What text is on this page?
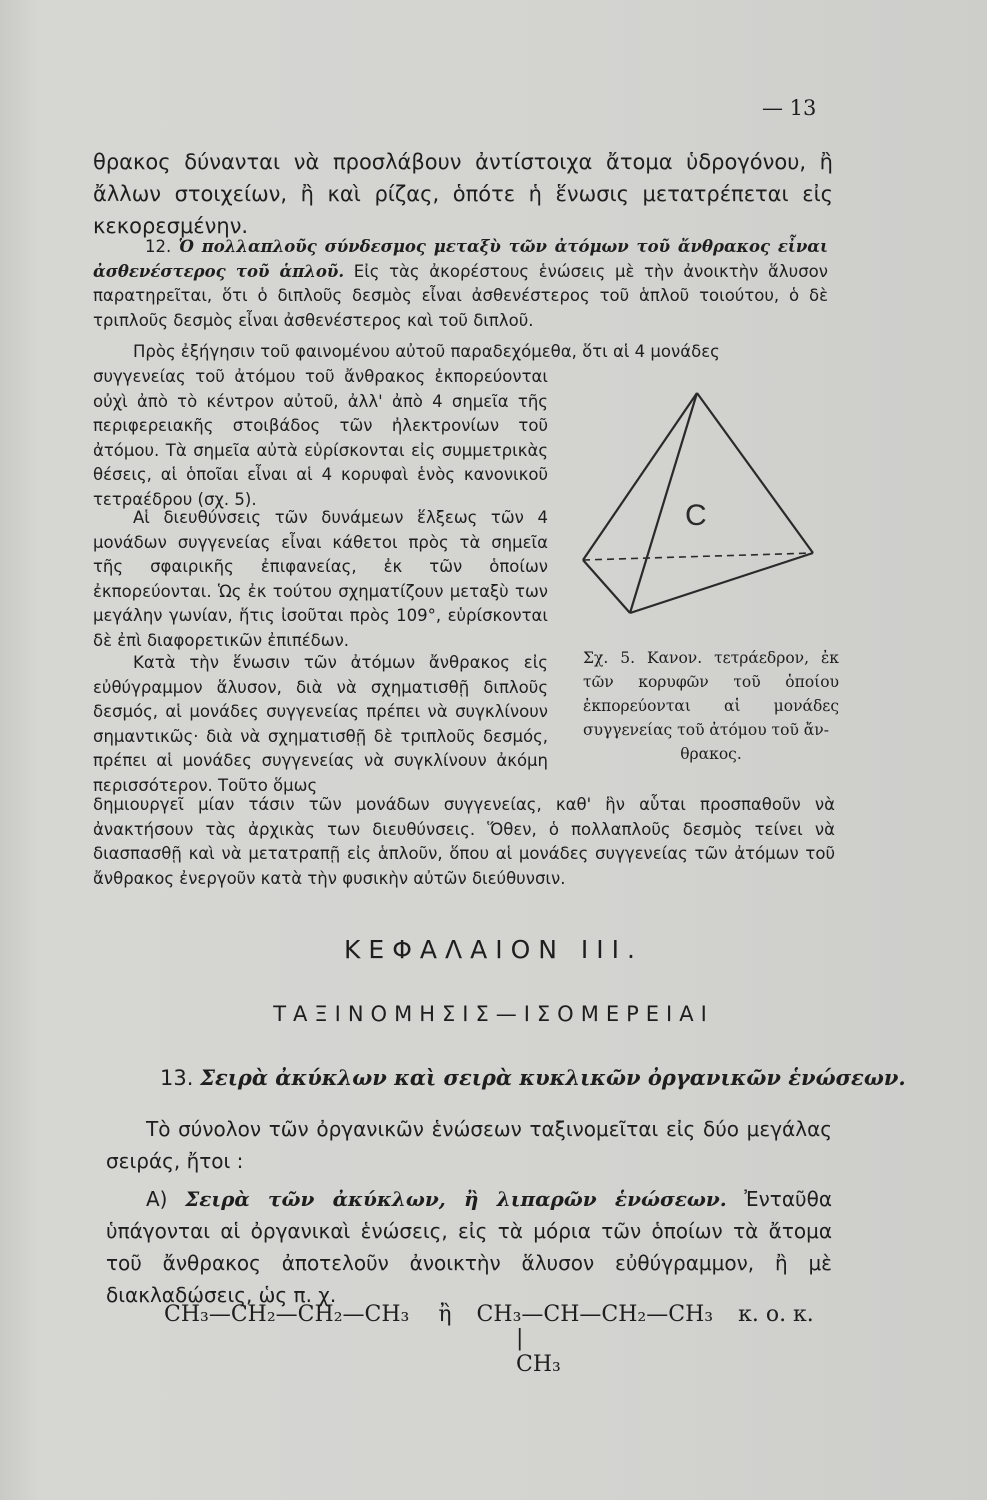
— 13
θρακος δύνανται νὰ προσλάβουν ἀντίστοιχα ἄτομα ὑδρογόνου, ἢ ἄλλων στοιχείων, ἢ καὶ ρίζας, ὁπότε ἡ ἕνωσις μετατρέπεται εἰς κεκορεσμένην.
12. Ὁ πολλαπλοῦς σύνδεσμος μεταξὺ τῶν ἀτόμων τοῦ ἄνθρακος εἶναι ἀσθενέστερος τοῦ ἁπλοῦ. Εἰς τὰς ἀκορέστους ἑνώσεις μὲ τὴν ἀνοικτὴν ἅλυσον παρατηρεῖται, ὅτι ὁ διπλοῦς δεσμὸς εἶναι ἀσθενέστερος τοῦ ἁπλοῦ τοιούτου, ὁ δὲ τριπλοῦς δεσμὸς εἶναι ἀσθενέστερος καὶ τοῦ διπλοῦ.
Πρὸς ἐξήγησιν τοῦ φαινομένου αὐτοῦ παραδεχόμεθα, ὅτι αἱ 4 μονάδες
συγγενείας τοῦ ἀτόμου τοῦ ἄνθρακος ἐκπορεύονται οὐχὶ ἀπὸ τὸ κέντρον αὐτοῦ, ἀλλ' ἀπὸ 4 σημεῖα τῆς περιφερειακῆς στοιβάδος τῶν ἠλεκτρονίων τοῦ ἀτόμου. Τὰ σημεῖα αὐτὰ εὑρίσκονται εἰς συμμετρικὰς θέσεις, αἱ ὁποῖαι εἶναι αἱ 4 κορυφαὶ ἑνὸς κανονικοῦ τετραέδρου (σχ. 5).
Αἱ διευθύνσεις τῶν δυνάμεων ἕλξεως τῶν 4 μονάδων συγγενείας εἶναι κάθετοι πρὸς τὰ σημεῖα τῆς σφαιρικῆς ἐπιφανείας, ἐκ τῶν ὁποίων ἐκπορεύονται. Ὡς ἐκ τούτου σχηματίζουν μεταξὺ των μεγάλην γωνίαν, ἥτις ἰσοῦται πρὸς 109°, εὑρίσκονται δὲ ἐπὶ διαφορετικῶν ἐπιπέδων.
Κατὰ τὴν ἕνωσιν τῶν ἀτόμων ἄνθρακος εἰς εὐθύγραμμον ἅλυσον, διὰ νὰ σχηματισθῇ διπλοῦς δεσμός, αἱ μονάδες συγγενείας πρέπει νὰ συγκλίνουν σημαντικῶς· διὰ νὰ σχηματισθῇ δὲ τριπλοῦς δεσμός, πρέπει αἱ μονάδες συγγενείας νὰ συγκλίνουν ἀκόμη περισσότερον. Τοῦτο ὅμως
δημιουργεῖ μίαν τάσιν τῶν μονάδων συγγενείας, καθ' ἣν αὗται προσπαθοῦν νὰ ἀνακτήσουν τὰς ἀρχικὰς των διευθύνσεις. Ὅθεν, ὁ πολλαπλοῦς δεσμὸς τείνει νὰ διασπασθῇ καὶ νὰ μετατραπῇ εἰς ἁπλοῦν, ὅπου αἱ μονάδες συγγενείας τῶν ἀτόμων τοῦ ἄνθρακος ἐνεργοῦν κατὰ τὴν φυσικὴν αὐτῶν διεύθυνσιν.
C
Σχ. 5. Κανον. τετράεδρον, ἐκ τῶν κορυφῶν τοῦ ὁποίου ἐκπορεύονται αἱ μονάδες συγγενείας τοῦ ἀτόμου τοῦ ἄν-
θρακος.
ΚΕΦΑΛΑΙΟΝ III.
ΤΑΞΙΝΟΜΗΣΙΣ—ΙΣΟΜΕΡΕΙΑΙ
13. Σειρὰ ἀκύκλων καὶ σειρὰ κυκλικῶν ὀργανικῶν ἑνώσεων.
Τὸ σύνολον τῶν ὀργανικῶν ἑνώσεων ταξινομεῖται εἰς δύο μεγάλας σειράς, ἤτοι :
Α) Σειρὰ τῶν ἀκύκλων, ἢ λιπαρῶν ἑνώσεων. Ἐνταῦθα ὑπάγονται αἱ ὀργανικαὶ ἑνώσεις, εἰς τὰ μόρια τῶν ὁποίων τὰ ἄτομα τοῦ ἄνθρακος ἀποτελοῦν ἀνοικτὴν ἅλυσον εὐθύγραμμον, ἢ μὲ διακλαδώσεις, ὡς π. χ.
CH₃—CH₂—CH₂—CH₃ ἢ CH₃—CH—CH₂—CH₃ κ. ο. κ.
|
CH₃
